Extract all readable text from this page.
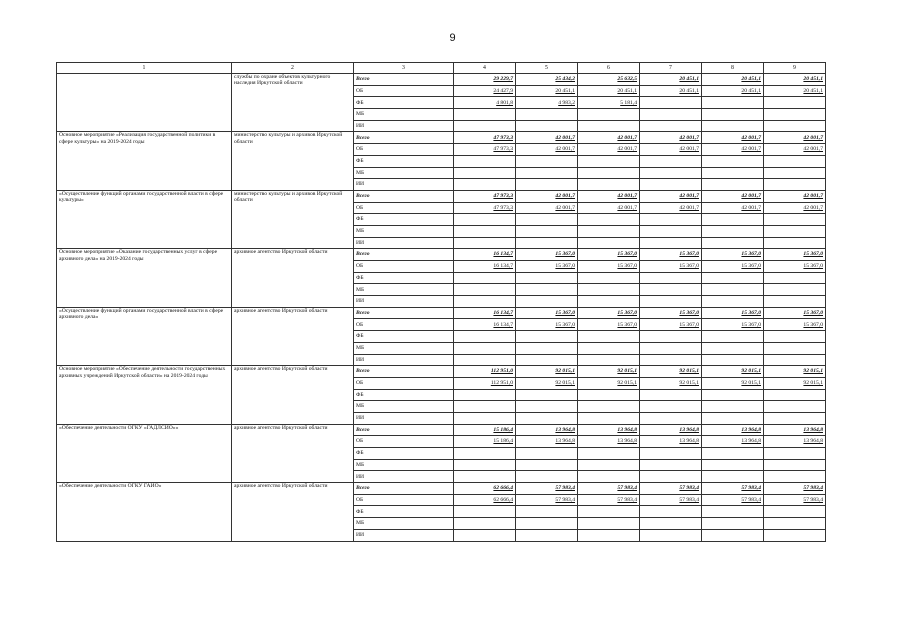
9
1	2	3	4	5	6	7	8	9
	службы по охране объектов культурного наследия Иркутской области	Всего	29 229,7	25 434,2	25 632,5	20 451,1	20 451,1	20 451,1
		ОБ	24 427,9	20 451,1	20 451,1	20 451,1	20 451,1	20 451,1
		ФБ	4 801,8	4 983,2	5 181,4			
		МБ						
		ИИ						
Основное мероприятие «Реализация государственной политики в сфере культуры» на 2019-2024 годы	министерство культуры и архивов Иркутской области	Всего	47 973,3	42 001,7	42 001,7	42 001,7	42 001,7	42 001,7
		ОБ	47 973,3	42 001,7	42 001,7	42 001,7	42 001,7	42 001,7
		ФБ						
		МБ						
		ИИ						
«Осуществление функций органами государственной власти в сфере культуры»	министерство культуры и архивов Иркутской области	Всего	47 973,3	42 001,7	42 001,7	42 001,7	42 001,7	42 001,7
		ОБ	47 973,3	42 001,7	42 001,7	42 001,7	42 001,7	42 001,7
		ФБ						
		МБ						
		ИИ						
Основное мероприятие «Оказание государственных услуг в сфере архивного дела» на 2019-2024 годы	архивное агентство Иркутской области	Всего	16 134,7	15 367,0	15 367,0	15 367,0	15 367,0	15 367,0
		ОБ	16 134,7	15 367,0	15 367,0	15 367,0	15 367,0	15 367,0
		ФБ						
		МБ						
		ИИ						
«Осуществление функций органами государственной власти в сфере архивного дела»	архивное агентство Иркутской области	Всего	16 134,7	15 367,0	15 367,0	15 367,0	15 367,0	15 367,0
		ОБ	16 134,7	15 367,0	15 367,0	15 367,0	15 367,0	15 367,0
		ФБ						
		МБ						
		ИИ						
Основное мероприятие «Обеспечение деятельности государственных архивных учреждений Иркутской области» на 2019-2024 годы	архивное агентство Иркутской области	Всего	112 951,0	92 015,1	92 015,1	92 015,1	92 015,1	92 015,1
		ОБ	112 951,0	92 015,1	92 015,1	92 015,1	92 015,1	92 015,1
		ФБ						
		МБ						
		ИИ						
«Обеспечение деятельности ОГКУ «ГАДЛСИО»»	архивное агентство Иркутской области	Всего	15 186,4	13 964,8	13 964,8	13 964,8	13 964,8	13 964,8
		ОБ	15 186,4	13 964,8	13 964,8	13 964,8	13 964,8	13 964,8
		ФБ						
		МБ						
		ИИ						
«Обеспечение деятельности ОГКУ ГАИО»	архивное агентство Иркутской области	Всего	62 666,4	57 983,4	57 983,4	57 983,4	57 983,4	57 983,4
		ОБ	62 666,4	57 983,4	57 983,4	57 983,4	57 983,4	57 983,4
		ФБ						
		МБ						
		ИИ						
